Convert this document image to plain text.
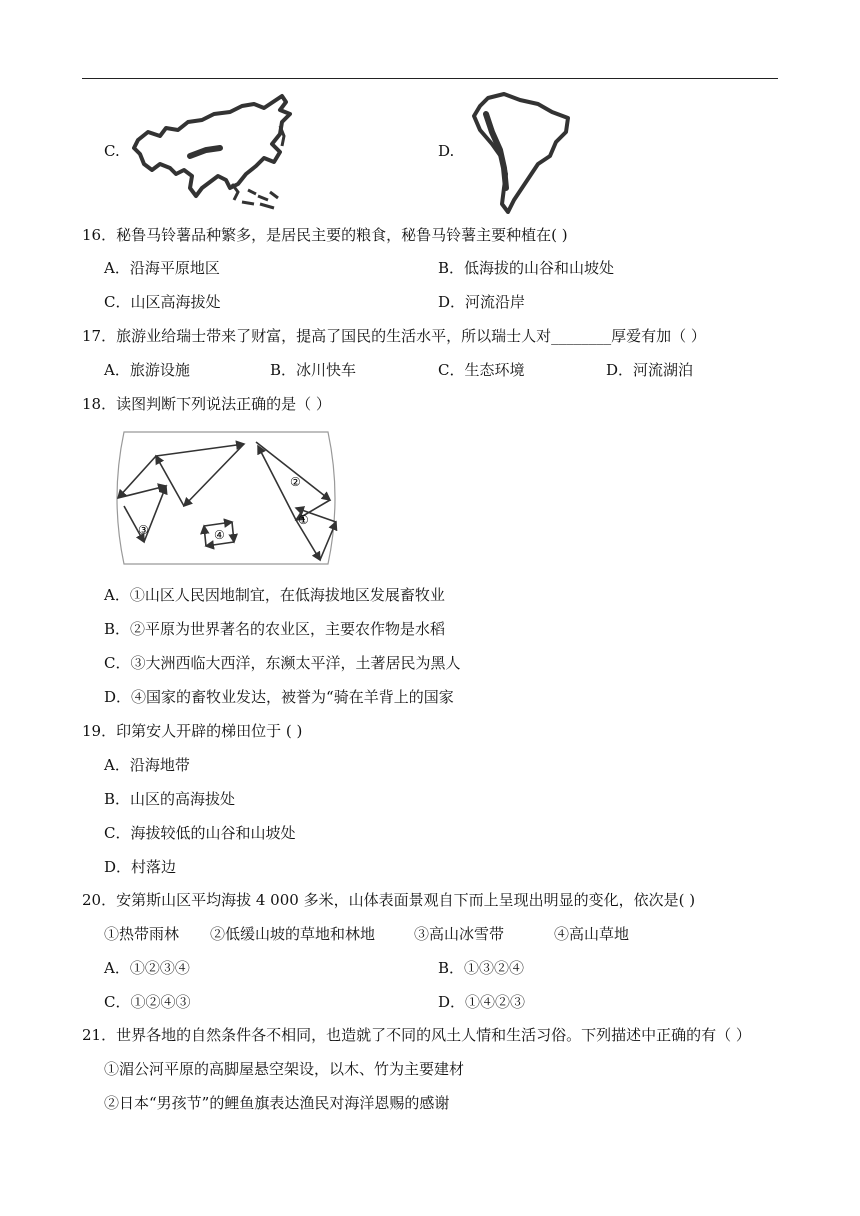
C.	D.
16．秘鲁马铃薯品种繁多，是居民主要的粮食，秘鲁马铃薯主要种植在( )
A．沿海平原地区	B．低海拔的山谷和山坡处
C．山区高海拔处	D．河流沿岸
17．旅游业给瑞士带来了财富，提高了国民的生活水平，所以瑞士人对________厚爱有加（ ）
A．旅游设施	B．冰川快车	C．生态环境	D．河流湖泊
18．读图判断下列说法正确的是（ ）
②
①
③	④
A．①山区人民因地制宜，在低海拔地区发展畜牧业
B．②平原为世界著名的农业区，主要农作物是水稻
C．③大洲西临大西洋，东濒太平洋，土著居民为黑人
D．④国家的畜牧业发达，被誉为“骑在羊背上的国家
19．印第安人开辟的梯田位于 ( )
A．沿海地带
B．山区的高海拔处
C．海拔较低的山谷和山坡处
D．村落边
20．安第斯山区平均海拔 4 000 多米，山体表面景观自下而上呈现出明显的变化，依次是( )
①热带雨林 ②低缓山坡的草地和林地	③高山冰雪带	④高山草地
A．①②③④	B．①③②④
C．①②④③	D．①④②③
21．世界各地的自然条件各不相同，也造就了不同的风土人情和生活习俗。下列描述中正确的有（ ）
①湄公河平原的高脚屋悬空架设，以木、竹为主要建材
②日本“男孩节”的鲤鱼旗表达渔民对海洋恩赐的感谢
